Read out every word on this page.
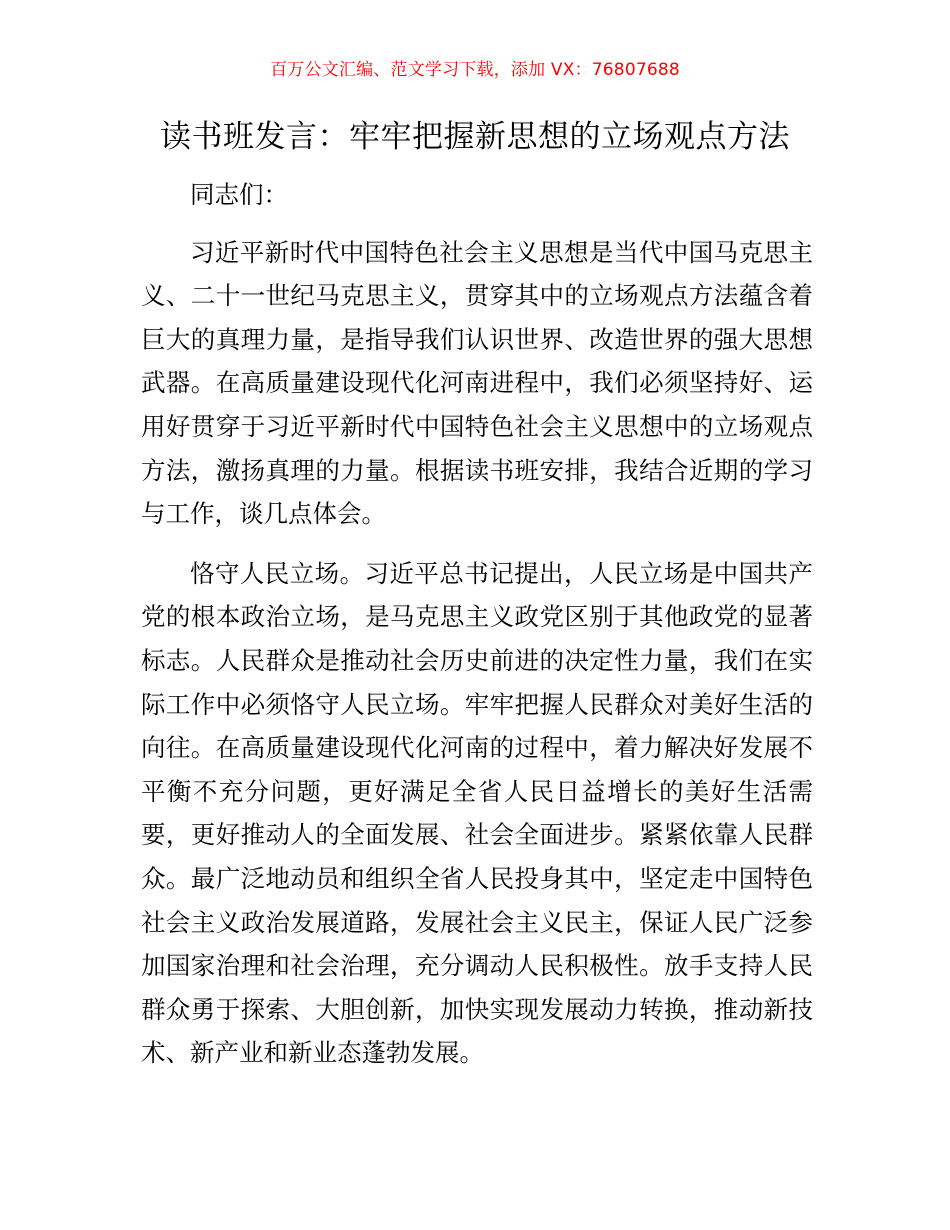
百万公文汇编、范文学习下载，添加 VX：76807688
读书班发言：牢牢把握新思想的立场观点方法

同志们：

习近平新时代中国特色社会主义思想是当代中国马克思主义、二十一世纪马克思主义，贯穿其中的立场观点方法蕴含着巨大的真理力量，是指导我们认识世界、改造世界的强大思想武器。在高质量建设现代化河南进程中，我们必须坚持好、运用好贯穿于习近平新时代中国特色社会主义思想中的立场观点方法，激扬真理的力量。根据读书班安排，我结合近期的学习与工作，谈几点体会。

恪守人民立场。习近平总书记提出，人民立场是中国共产党的根本政治立场，是马克思主义政党区别于其他政党的显著标志。人民群众是推动社会历史前进的决定性力量，我们在实际工作中必须恪守人民立场。牢牢把握人民群众对美好生活的向往。在高质量建设现代化河南的过程中，着力解决好发展不平衡不充分问题，更好满足全省人民日益增长的美好生活需要，更好推动人的全面发展、社会全面进步。紧紧依靠人民群众。最广泛地动员和组织全省人民投身其中，坚定走中国特色社会主义政治发展道路，发展社会主义民主，保证人民广泛参加国家治理和社会治理，充分调动人民积极性。放手支持人民群众勇于探索、大胆创新，加快实现发展动力转换，推动新技术、新产业和新业态蓬勃发展。
